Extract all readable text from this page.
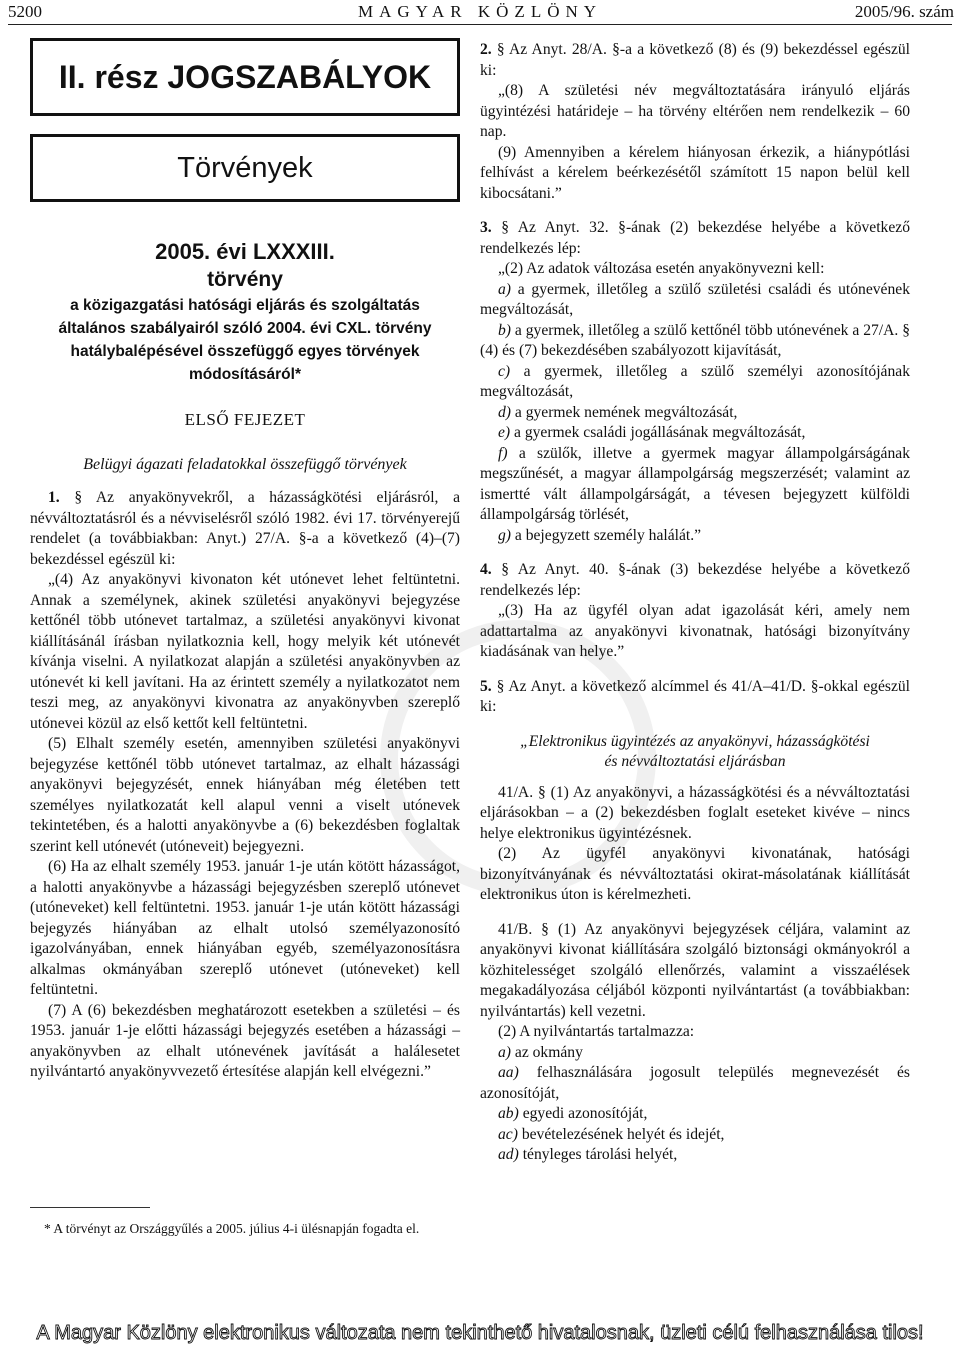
5200	MAGYAR KÖZLÖNY	2005/96. szám
II. rész JOGSZABÁLYOK
Törvények
2005. évi LXXXIII.
törvény
a közigazgatási hatósági eljárás és szolgáltatás
általános szabályairól szóló 2004. évi CXL. törvény
hatálybalépésével összefüggő egyes törvények
módosításáról*
ELSŐ FEJEZET
Belügyi ágazati feladatokkal összefüggő törvények

1. § Az anyakönyvekről, a házasságkötési eljárásról, a névváltoztatásról és a névviselésről szóló 1982. évi 17. törvényerejű rendelet (a továbbiakban: Anyt.) 27/A. §-a a következő (4)–(7) bekezdéssel egészül ki:

„(4) Az anyakönyvi kivonaton két utónevet lehet feltüntetni. Annak a személynek, akinek születési anyakönyvi bejegyzése kettőnél több utónevet tartalmaz, a születési anyakönyvi kivonat kiállításánál írásban nyilatkoznia kell, hogy melyik két utónevét kívánja viselni. A nyilatkozat alapján a születési anyakönyvben az utónevét ki kell javítani. Ha az érintett személy a nyilatkozatot nem teszi meg, az anyakönyvi kivonatra az anyakönyvben szereplő utónevei közül az első kettőt kell feltüntetni.

(5) Elhalt személy esetén, amennyiben születési anyakönyvi bejegyzése kettőnél több utónevet tartalmaz, az elhalt házassági anyakönyvi bejegyzését, ennek hiányában még életében tett személyes nyilatkozatát kell alapul venni a viselt utónevek tekintetében, és a halotti anyakönyvbe a (6) bekezdésben foglaltak szerint kell utónevét (utóneveit) bejegyezni.

(6) Ha az elhalt személy 1953. január 1-je után kötött házasságot, a halotti anyakönyvbe a házassági bejegyzésben szereplő utónevet (utóneveket) kell feltüntetni. 1953. január 1-je után kötött házassági bejegyzés hiányában az elhalt utolsó személyazonosító igazolványában, ennek hiányában egyéb, személyazonosításra alkalmas okmányában szereplő utónevet (utóneveket) kell feltüntetni.

(7) A (6) bekezdésben meghatározott esetekben a születési – és 1953. január 1-je előtti házassági bejegyzés esetében a házassági – anyakönyvben az elhalt utónevének javítását a halálesetet nyilvántartó anyakönyvvezető értesítése alapján kell elvégezni.”

* A törvényt az Országgyűlés a 2005. július 4-i ülésnapján fogadta el.

2. § Az Anyt. 28/A. §-a a következő (8) és (9) bekezdéssel egészül ki:

„(8) A születési név megváltoztatására irányuló eljárás ügyintézési határideje – ha törvény eltérően nem rendelkezik – 60 nap.

(9) Amennyiben a kérelem hiányosan érkezik, a hiánypótlási felhívást a kérelem beérkezésétől számított 15 napon belül kell kibocsátani.”

3. § Az Anyt. 32. §-ának (2) bekezdése helyébe a következő rendelkezés lép:

„(2) Az adatok változása esetén anyakönyvezni kell:

a) a gyermek, illetőleg a szülő születési családi és utónevének megváltozását,

b) a gyermek, illetőleg a szülő kettőnél több utónevének a 27/A. § (4) és (7) bekezdésében szabályozott kijavítását,

c) a gyermek, illetőleg a szülő személyi azonosítójának megváltozását,

d) a gyermek nemének megváltozását,

e) a gyermek családi jogállásának megváltozását,

f) a szülők, illetve a gyermek magyar állampolgárságának megszűnését, a magyar állampolgárság megszerzését; valamint az ismertté vált állampolgárságát, a tévesen bejegyzett külföldi állampolgárság törlését,

g) a bejegyzett személy halálát.”

4. § Az Anyt. 40. §-ának (3) bekezdése helyébe a következő rendelkezés lép:

„(3) Ha az ügyfél olyan adat igazolását kéri, amely nem adattartalma az anyakönyvi kivonatnak, hatósági bizonyítvány kiadásának van helye.”

5. § Az Anyt. a következő alcímmel és 41/A–41/D. §-okkal egészül ki:

„Elektronikus ügyintézés az anyakönyvi, házasságkötési
és névváltoztatási eljárásban

41/A. § (1) Az anyakönyvi, a házasságkötési és a névváltoztatási eljárásokban – a (2) bekezdésben foglalt eseteket kivéve – nincs helye elektronikus ügyintézésnek.

(2) Az ügyfél anyakönyvi kivonatának, hatósági bizonyítványának és névváltoztatási okirat-másolatának kiállítását elektronikus úton is kérelmezheti.

41/B. § (1) Az anyakönyvi bejegyzések céljára, valamint az anyakönyvi kivonat kiállítására szolgáló biztonsági okmányokról a közhitelességet szolgáló ellenőrzés, valamint a visszaélések megakadályozása céljából központi nyilvántartást (a továbbiakban: nyilvántartás) kell vezetni.

(2) A nyilvántartás tartalmazza:

a) az okmány

aa) felhasználására jogosult település megnevezését és azonosítóját,

ab) egyedi azonosítóját,

ac) bevételezésének helyét és idejét,

ad) tényleges tárolási helyét,

A Magyar Közlöny elektronikus változata nem tekinthető hivatalosnak, üzleti célú felhasználása tilos!
